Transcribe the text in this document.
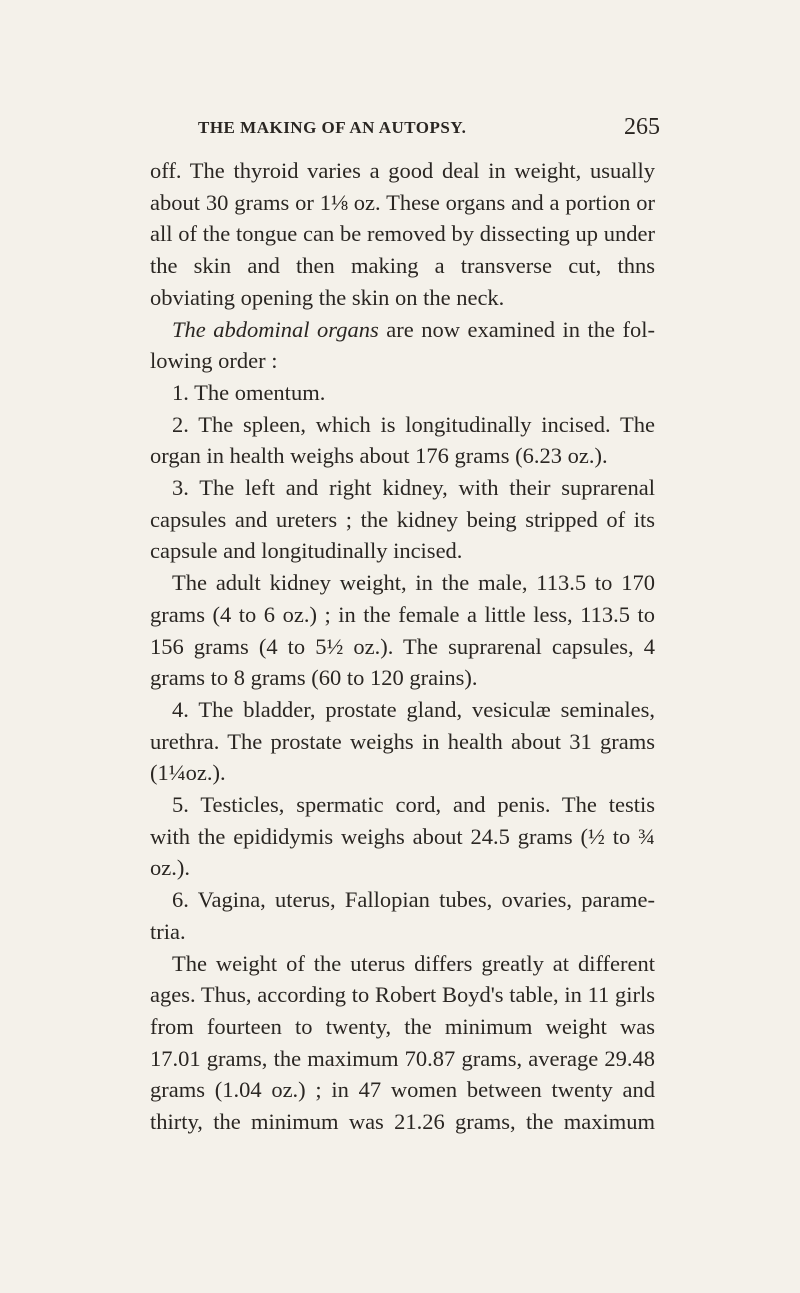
THE MAKING OF AN AUTOPSY.	265

off. The thyroid varies a good deal in weight, usually about 30 grams or 1⅛ oz. These organs and a portion or all of the tongue can be removed by dissecting up under the skin and then making a transverse cut, thns obviating opening the skin on the neck.

The abdominal organs are now examined in the following order :

1. The omentum.

2. The spleen, which is longitudinally incised. The organ in health weighs about 176 grams (6.23 oz.).

3. The left and right kidney, with their suprarenal capsules and ureters ; the kidney being stripped of its capsule and longitudinally incised.

The adult kidney weight, in the male, 113.5 to 170 grams (4 to 6 oz.) ; in the female a little less, 113.5 to 156 grams (4 to 5½ oz.). The suprarenal capsules, 4 grams to 8 grams (60 to 120 grains).

4. The bladder, prostate gland, vesiculæ seminales, urethra. The prostate weighs in health about 31 grams (1¼oz.).

5. Testicles, spermatic cord, and penis. The testis with the epididymis weighs about 24.5 grams (½ to ¾ oz.).

6. Vagina, uterus, Fallopian tubes, ovaries, parametria.

The weight of the uterus differs greatly at different ages. Thus, according to Robert Boyd's table, in 11 girls from fourteen to twenty, the minimum weight was 17.01 grams, the maximum 70.87 grams, average 29.48 grams (1.04 oz.) ; in 47 women between twenty and thirty, the minimum was 21.26 grams, the maximum
